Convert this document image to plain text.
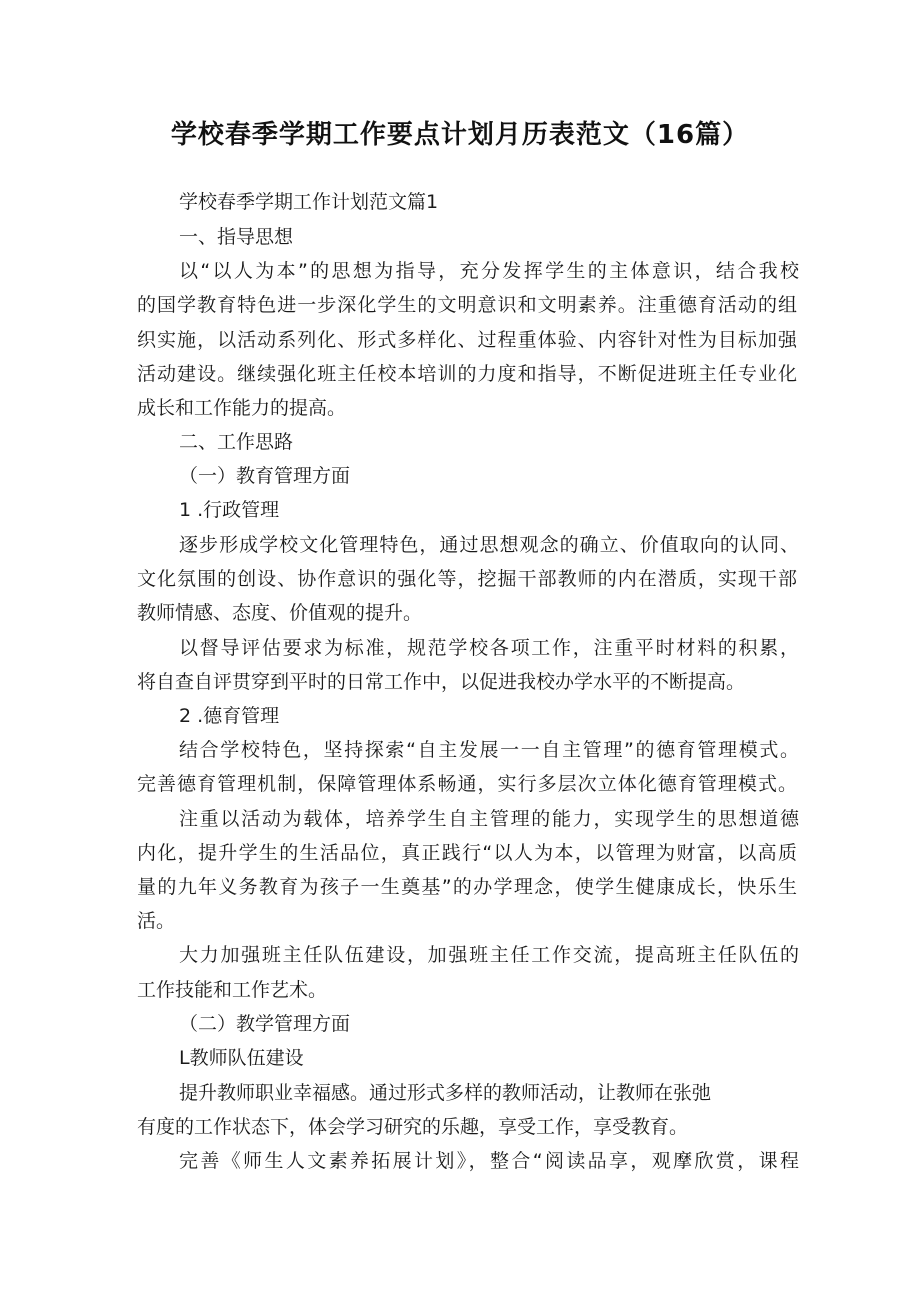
学校春季学期工作要点计划月历表范文（16篇）
学校春季学期工作计划范文篇1
一、指导思想
以“以人为本”的思想为指导，充分发挥学生的主体意识，结合我校
的国学教育特色进一步深化学生的文明意识和文明素养。注重德育活动的组
织实施，以活动系列化、形式多样化、过程重体验、内容针对性为目标加强
活动建设。继续强化班主任校本培训的力度和指导，不断促进班主任专业化
成长和工作能力的提高。
二、工作思路
（一）教育管理方面
1 .行政管理
逐步形成学校文化管理特色，通过思想观念的确立、价值取向的认同、
文化氛围的创设、协作意识的强化等，挖掘干部教师的内在潜质，实现干部
教师情感、态度、价值观的提升。
以督导评估要求为标准，规范学校各项工作，注重平时材料的积累，
将自查自评贯穿到平时的日常工作中，以促进我校办学水平的不断提高。
2 .德育管理
结合学校特色，坚持探索“自主发展一一自主管理”的德育管理模式。
完善德育管理机制，保障管理体系畅通，实行多层次立体化德育管理模式。
注重以活动为载体，培养学生自主管理的能力，实现学生的思想道德
内化，提升学生的生活品位，真正践行“以人为本，以管理为财富，以高质
量的九年义务教育为孩子一生奠基”的办学理念，使学生健康成长，快乐生
活。
大力加强班主任队伍建设，加强班主任工作交流，提高班主任队伍的
工作技能和工作艺术。
（二）教学管理方面
L教师队伍建设
提升教师职业幸福感。通过形式多样的教师活动，让教师在张弛
有度的工作状态下，体会学习研究的乐趣，享受工作，享受教育。
完善《师生人文素养拓展计划》，整合“阅读品享，观摩欣赏，课程
